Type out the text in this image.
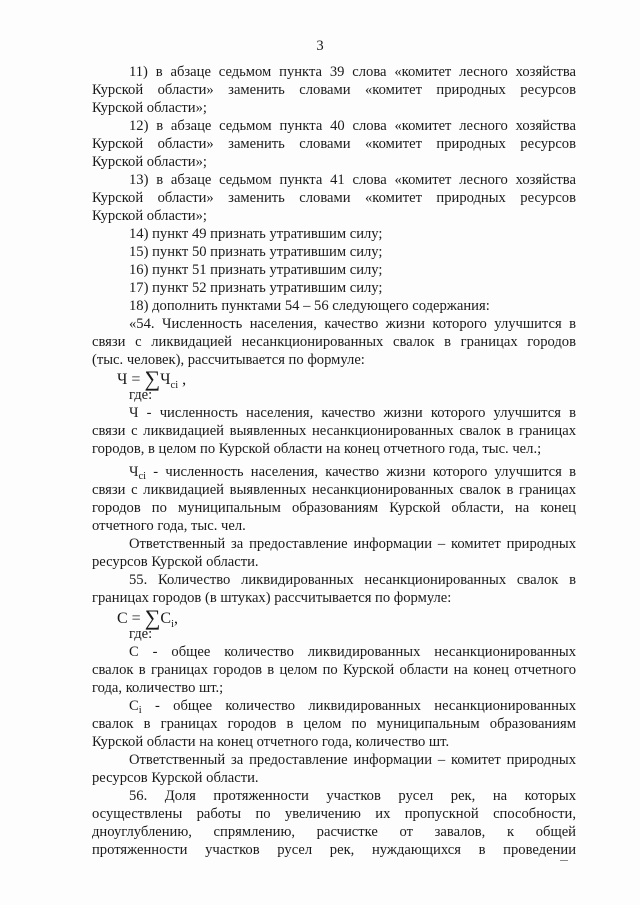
3
11) в абзаце седьмом пункта 39 слова «комитет лесного хозяйства
Курской области» заменить словами «комитет природных ресурсов
Курской области»;
12) в абзаце седьмом пункта 40 слова «комитет лесного хозяйства
Курской области» заменить словами «комитет природных ресурсов
Курской области»;
13) в абзаце седьмом пункта 41 слова «комитет лесного хозяйства
Курской области» заменить словами «комитет природных ресурсов
Курской области»;
14) пункт 49 признать утратившим силу;
15) пункт 50 признать утратившим силу;
16) пункт 51 признать утратившим силу;
17) пункт 52 признать утратившим силу;
18) дополнить пунктами 54 – 56 следующего содержания:
«54. Численность населения, качество жизни которого улучшится в
связи с ликвидацией несанкционированных свалок в границах городов
(тыс. человек), рассчитывается по формуле:
$Ч = \sum Ч_{ci}$ ,
где:
Ч - численность населения, качество жизни которого улучшится в
связи с ликвидацией выявленных несанкционированных свалок в границах
городов, в целом по Курской области на конец отчетного года, тыс. чел.;
$Ч_{ci}$ - численность населения, качество жизни которого улучшится в
связи с ликвидацией выявленных несанкционированных свалок в границах
городов по муниципальным образованиям Курской области, на конец
отчетного года, тыс. чел.
Ответственный за предоставление информации – комитет природных
ресурсов Курской области.
55. Количество ликвидированных несанкционированных свалок в
границах городов (в штуках) рассчитывается по формуле:
$С = \sum С_i$,
где:
С - общее количество ликвидированных несанкционированных
свалок в границах городов в целом по Курской области на конец отчетного
года, количество шт.;
$С_i$ - общее количество ликвидированных несанкционированных
свалок в границах городов в целом по муниципальным образованиям
Курской области на конец отчетного года, количество шт.
Ответственный за предоставление информации – комитет природных
ресурсов Курской области.
56. Доля протяженности участков русел рек, на которых
осуществлены работы по увеличению их пропускной способности,
дноуглублению, спрямлению, расчистке от завалов, к общей
протяженности участков русел рек, нуждающихся в проведении
